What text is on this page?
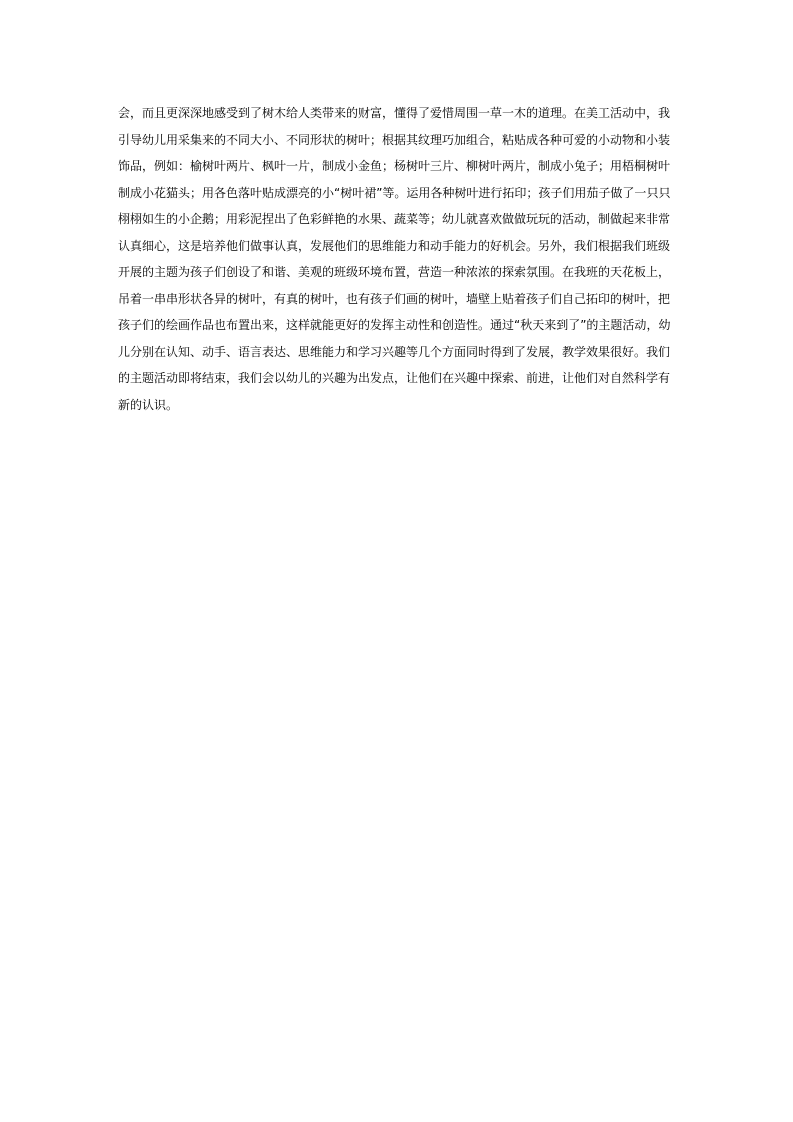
会，而且更深深地感受到了树木给人类带来的财富，懂得了爱惜周围一草一木的道理。在美工活动中，我
引导幼儿用采集来的不同大小、不同形状的树叶；根据其纹理巧加组合，粘贴成各种可爱的小动物和小装
饰品，例如：榆树叶两片、枫叶一片，制成小金鱼；杨树叶三片、柳树叶两片，制成小兔子；用梧桐树叶
制成小花猫头；用各色落叶贴成漂亮的小“树叶裙”等。运用各种树叶进行拓印；孩子们用茄子做了一只只
栩栩如生的小企鹅；用彩泥捏出了色彩鲜艳的水果、蔬菜等；幼儿就喜欢做做玩玩的活动，制做起来非常
认真细心，这是培养他们做事认真，发展他们的思维能力和动手能力的好机会。另外，我们根据我们班级
开展的主题为孩子们创设了和谐、美观的班级环境布置，营造一种浓浓的探索氛围。在我班的天花板上，
吊着一串串形状各异的树叶，有真的树叶，也有孩子们画的树叶，墙壁上贴着孩子们自己拓印的树叶，把
孩子们的绘画作品也布置出来，这样就能更好的发挥主动性和创造性。通过“秋天来到了”的主题活动，幼
儿分别在认知、动手、语言表达、思维能力和学习兴趣等几个方面同时得到了发展，教学效果很好。我们
的主题活动即将结束，我们会以幼儿的兴趣为出发点，让他们在兴趣中探索、前进，让他们对自然科学有
新的认识。
